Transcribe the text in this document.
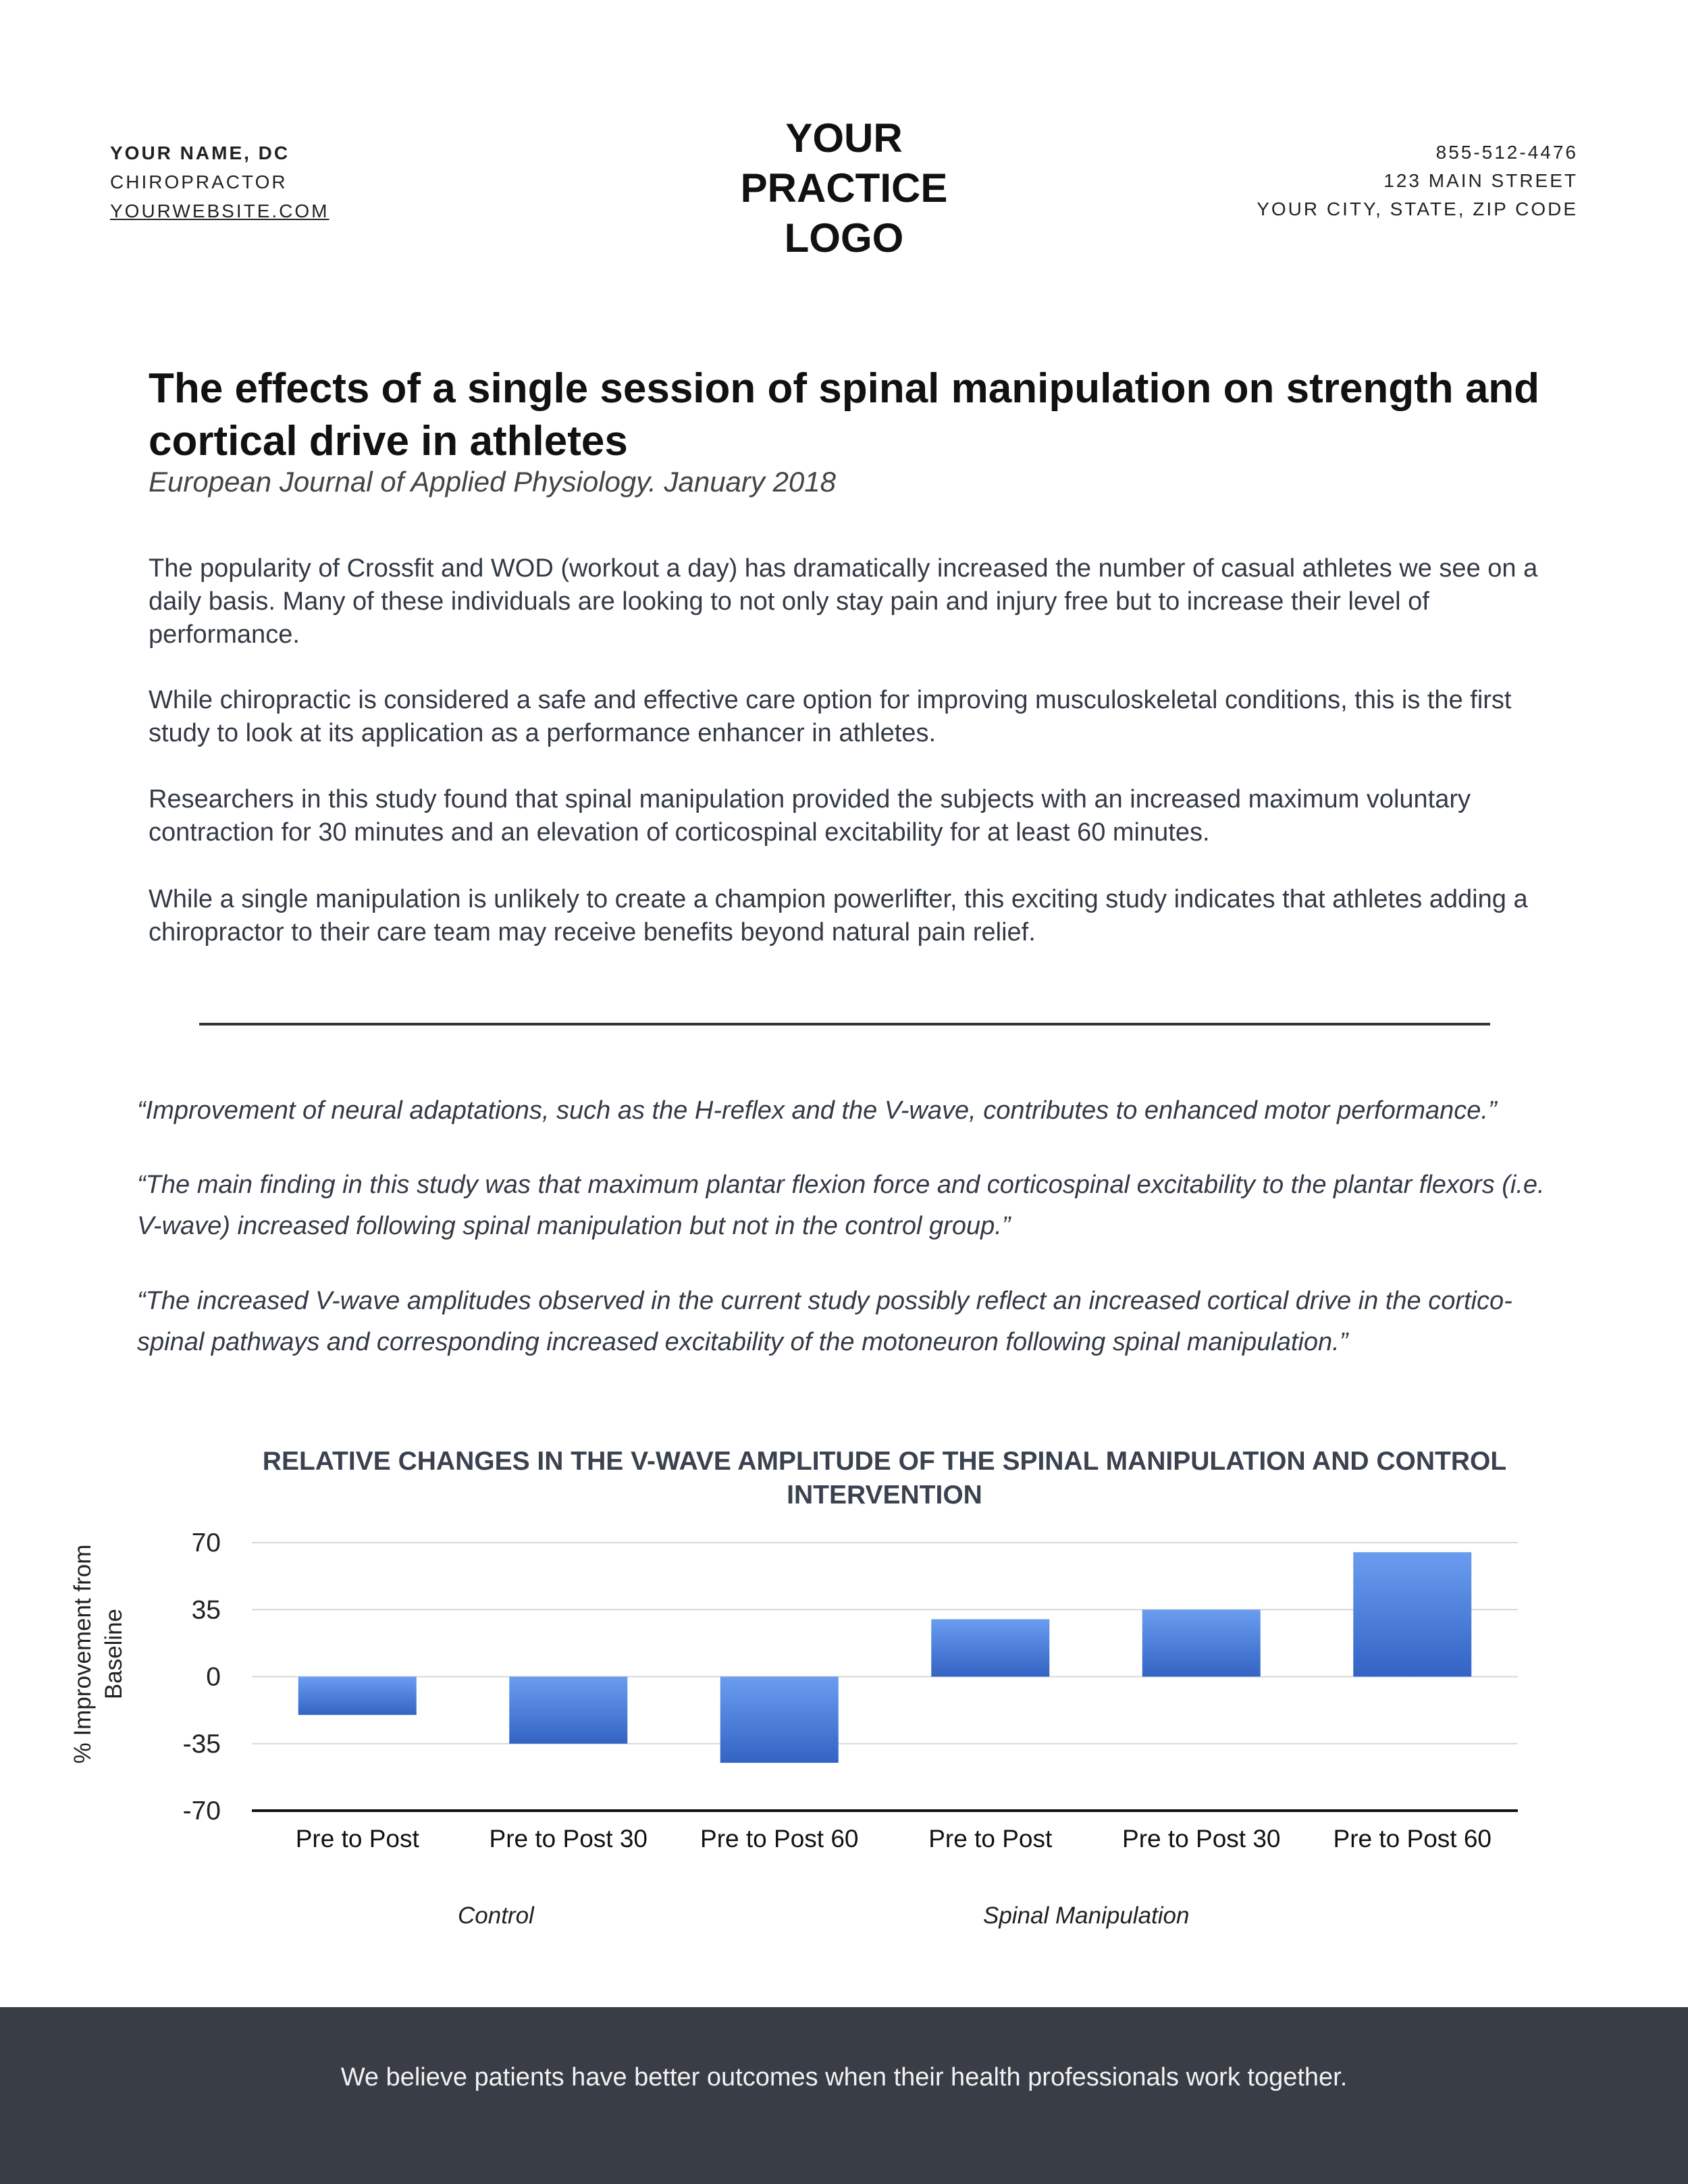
YOUR NAME, DC
CHIROPRACTOR
YOURWEBSITE.COM
YOUR
PRACTICE
LOGO
855-512-4476
123 MAIN STREET
YOUR CITY, STATE, ZIP CODE
The effects of a single session of spinal manipulation on strength and cortical drive in athletes
European Journal of Applied Physiology. January 2018
The popularity of Crossfit and WOD (workout a day) has dramatically increased the number of casual athletes we see on a daily basis. Many of these individuals are looking to not only stay pain and injury free but to increase their level of performance.
While chiropractic is considered a safe and effective care option for improving musculoskeletal conditions, this is the first study to look at its application as a performance enhancer in athletes.
Researchers in this study found that spinal manipulation provided the subjects with an increased maximum voluntary contraction for 30 minutes and an elevation of corticospinal excitability for at least 60 minutes.
While a single manipulation is unlikely to create a champion powerlifter, this exciting study indicates that athletes adding a chiropractor to their care team may receive benefits beyond natural pain relief.
“Improvement of neural adaptations, such as the H-reflex and the V-wave, contributes to enhanced motor performance.”
“The main finding in this study was that maximum plantar flexion force and corticospinal excitability to the plantar flexors (i.e. V-wave) increased following spinal manipulation but not in the control group.”
“The increased V-wave amplitudes observed in the current study possibly reflect an increased cortical drive in the cortico-spinal pathways and corresponding increased excitability of the motoneuron following spinal manipulation.”
RELATIVE CHANGES IN THE V-WAVE AMPLITUDE OF THE SPINAL MANIPULATION AND CONTROL INTERVENTION
% Improvement from Baseline
70
35
0
-35
-70
Pre to Post	Pre to Post 30 Pre to Post 60	Pre to Post	Pre to Post 30 Pre to Post 60
Control	Spinal Manipulation
We believe patients have better outcomes when their health professionals work together.
